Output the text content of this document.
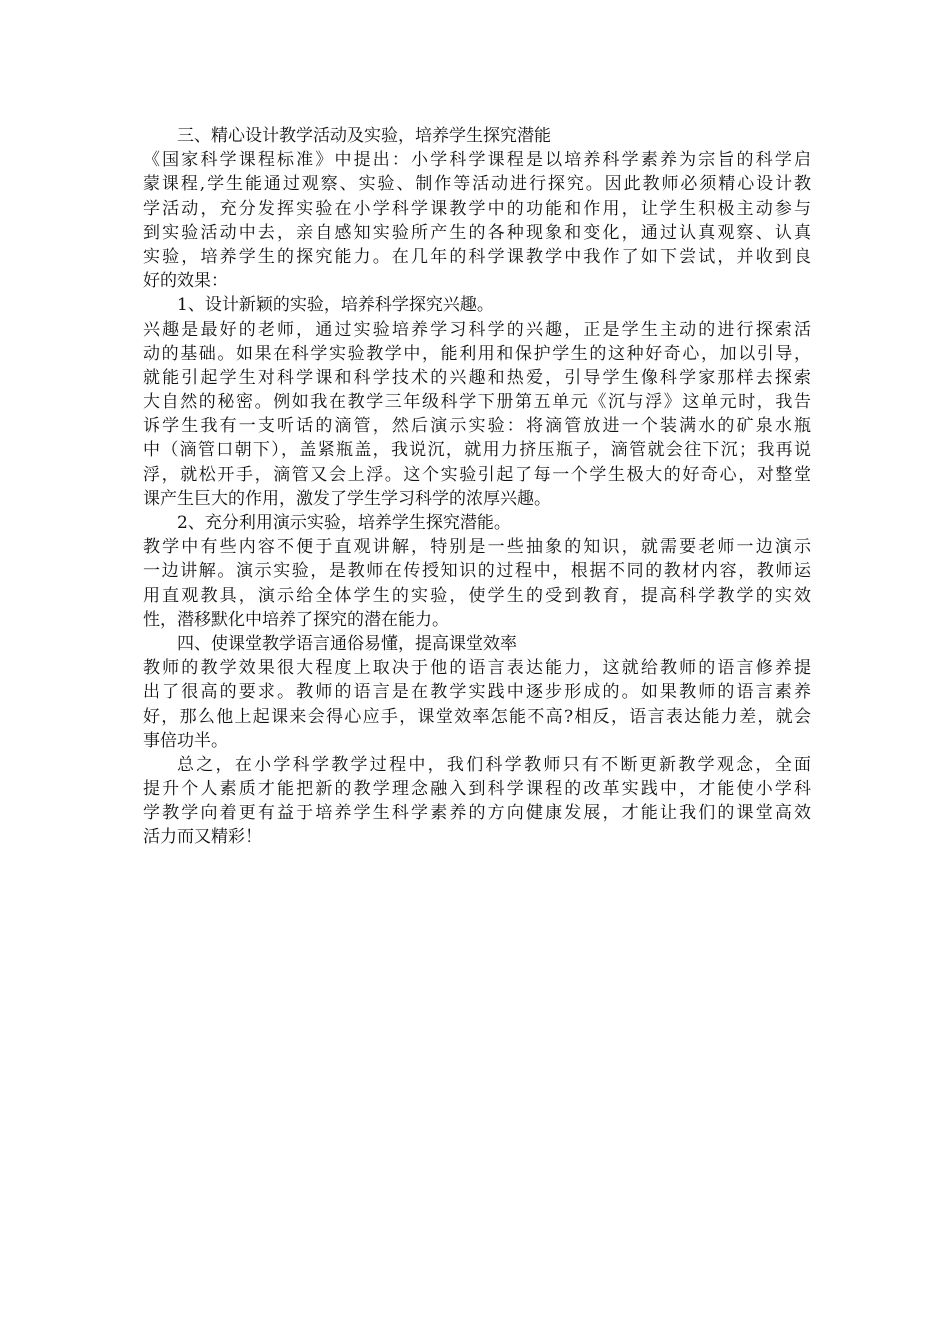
三、精心设计教学活动及实验，培养学生探究潜能
《国家科学课程标准》中提出：小学科学课程是以培养科学素养为宗旨的科学启
蒙课程,学生能通过观察、实验、制作等活动进行探究。因此教师必须精心设计教
学活动，充分发挥实验在小学科学课教学中的功能和作用，让学生积极主动参与
到实验活动中去，亲自感知实验所产生的各种现象和变化，通过认真观察、认真
实验，培养学生的探究能力。在几年的科学课教学中我作了如下尝试，并收到良
好的效果：
1、设计新颖的实验，培养科学探究兴趣。
兴趣是最好的老师，通过实验培养学习科学的兴趣，正是学生主动的进行探索活
动的基础。如果在科学实验教学中，能利用和保护学生的这种好奇心，加以引导，
就能引起学生对科学课和科学技术的兴趣和热爱，引导学生像科学家那样去探索
大自然的秘密。例如我在教学三年级科学下册第五单元《沉与浮》这单元时，我告
诉学生我有一支听话的滴管，然后演示实验：将滴管放进一个装满水的矿泉水瓶
中（滴管口朝下），盖紧瓶盖，我说沉，就用力挤压瓶子，滴管就会往下沉；我再说
浮，就松开手，滴管又会上浮。这个实验引起了每一个学生极大的好奇心，对整堂
课产生巨大的作用，激发了学生学习科学的浓厚兴趣。
2、充分利用演示实验，培养学生探究潜能。
教学中有些内容不便于直观讲解，特别是一些抽象的知识，就需要老师一边演示
一边讲解。演示实验，是教师在传授知识的过程中，根据不同的教材内容，教师运
用直观教具，演示给全体学生的实验，使学生的受到教育，提高科学教学的实效
性，潜移默化中培养了探究的潜在能力。
四、使课堂教学语言通俗易懂，提高课堂效率
教师的教学效果很大程度上取决于他的语言表达能力，这就给教师的语言修养提
出了很高的要求。教师的语言是在教学实践中逐步形成的。如果教师的语言素养
好，那么他上起课来会得心应手，课堂效率怎能不高?相反，语言表达能力差，就会
事倍功半。
总之，在小学科学教学过程中，我们科学教师只有不断更新教学观念，全面
提升个人素质才能把新的教学理念融入到科学课程的改革实践中，才能使小学科
学教学向着更有益于培养学生科学素养的方向健康发展，才能让我们的课堂高效
活力而又精彩！
